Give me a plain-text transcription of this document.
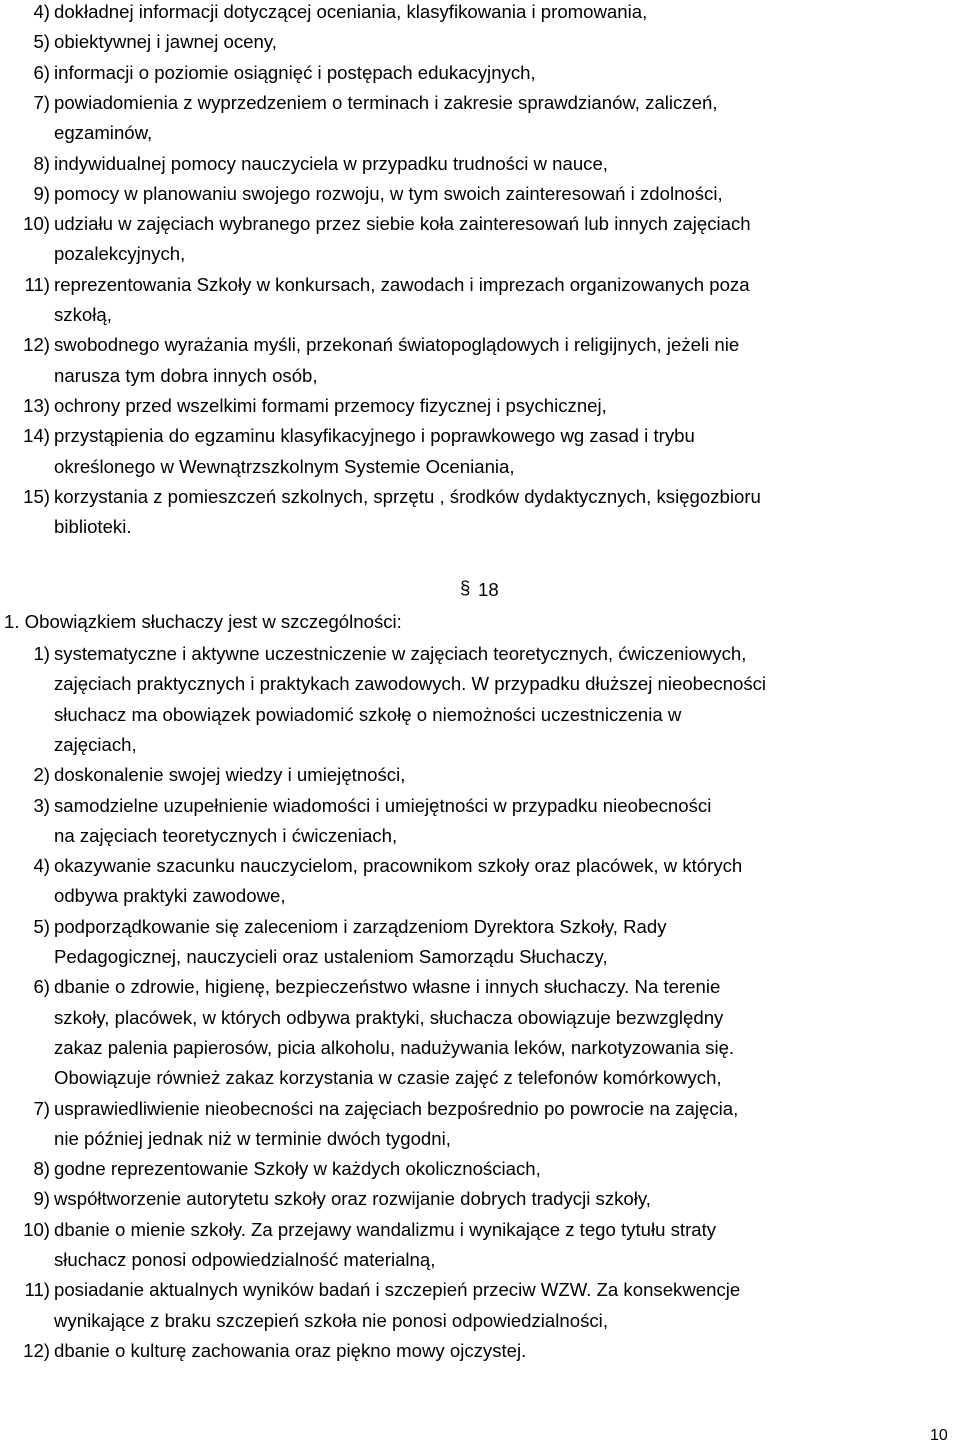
4) dokładnej informacji dotyczącej oceniania, klasyfikowania i promowania,
5) obiektywnej i jawnej oceny,
6) informacji o poziomie osiągnięć i postępach edukacyjnych,
7) powiadomienia z wyprzedzeniem o terminach i zakresie sprawdzianów, zaliczeń,
egzaminów,
8) indywidualnej pomocy nauczyciela w przypadku trudności w nauce,
9) pomocy w planowaniu swojego rozwoju, w tym swoich zainteresowań i zdolności,
10) udziału w zajęciach wybranego przez siebie koła zainteresowań lub innych zajęciach
pozalekcyjnych,
11) reprezentowania Szkoły w konkursach, zawodach i imprezach organizowanych poza
szkołą,
12) swobodnego wyrażania myśli, przekonań światopoglądowych i religijnych, jeżeli nie
narusza tym dobra innych osób,
13) ochrony przed wszelkimi formami przemocy fizycznej i psychicznej,
14) przystąpienia do egzaminu klasyfikacyjnego i poprawkowego wg zasad i trybu
określonego w Wewnątrzszkolnym Systemie Oceniania,
15) korzystania z pomieszczeń szkolnych, sprzętu , środków dydaktycznych, księgozbioru
biblioteki.
§ 18
1. Obowiązkiem słuchaczy jest w szczególności:
1) systematyczne i aktywne uczestniczenie w zajęciach teoretycznych, ćwiczeniowych,
zajęciach praktycznych i praktykach zawodowych. W przypadku dłuższej nieobecności
słuchacz ma obowiązek powiadomić szkołę o niemożności uczestniczenia w
zajęciach,
2) doskonalenie swojej wiedzy i umiejętności,
3) samodzielne uzupełnienie wiadomości i umiejętności w przypadku nieobecności
na zajęciach teoretycznych i ćwiczeniach,
4) okazywanie szacunku nauczycielom, pracownikom szkoły oraz placówek, w których
odbywa praktyki zawodowe,
5) podporządkowanie się zaleceniom i zarządzeniom Dyrektora Szkoły, Rady
Pedagogicznej, nauczycieli oraz ustaleniom Samorządu Słuchaczy,
6) dbanie o zdrowie, higienę, bezpieczeństwo własne i innych słuchaczy. Na terenie
szkoły, placówek, w których odbywa praktyki, słuchacza obowiązuje bezwzględny
zakaz palenia papierosów, picia alkoholu, nadużywania leków, narkotyzowania się.
Obowiązuje również zakaz korzystania w czasie zajęć z telefonów komórkowych,
7) usprawiedliwienie nieobecności na zajęciach bezpośrednio po powrocie na zajęcia,
nie później jednak niż w terminie dwóch tygodni,
8) godne reprezentowanie Szkoły w każdych okolicznościach,
9) współtworzenie autorytetu szkoły oraz rozwijanie dobrych tradycji szkoły,
10) dbanie o mienie szkoły. Za przejawy wandalizmu i wynikające z tego tytułu straty
słuchacz ponosi odpowiedzialność materialną,
11) posiadanie aktualnych wyników badań i szczepień przeciw WZW. Za konsekwencje
wynikające z braku szczepień szkoła nie ponosi odpowiedzialności,
12) dbanie o kulturę zachowania oraz piękno mowy ojczystej.
10
